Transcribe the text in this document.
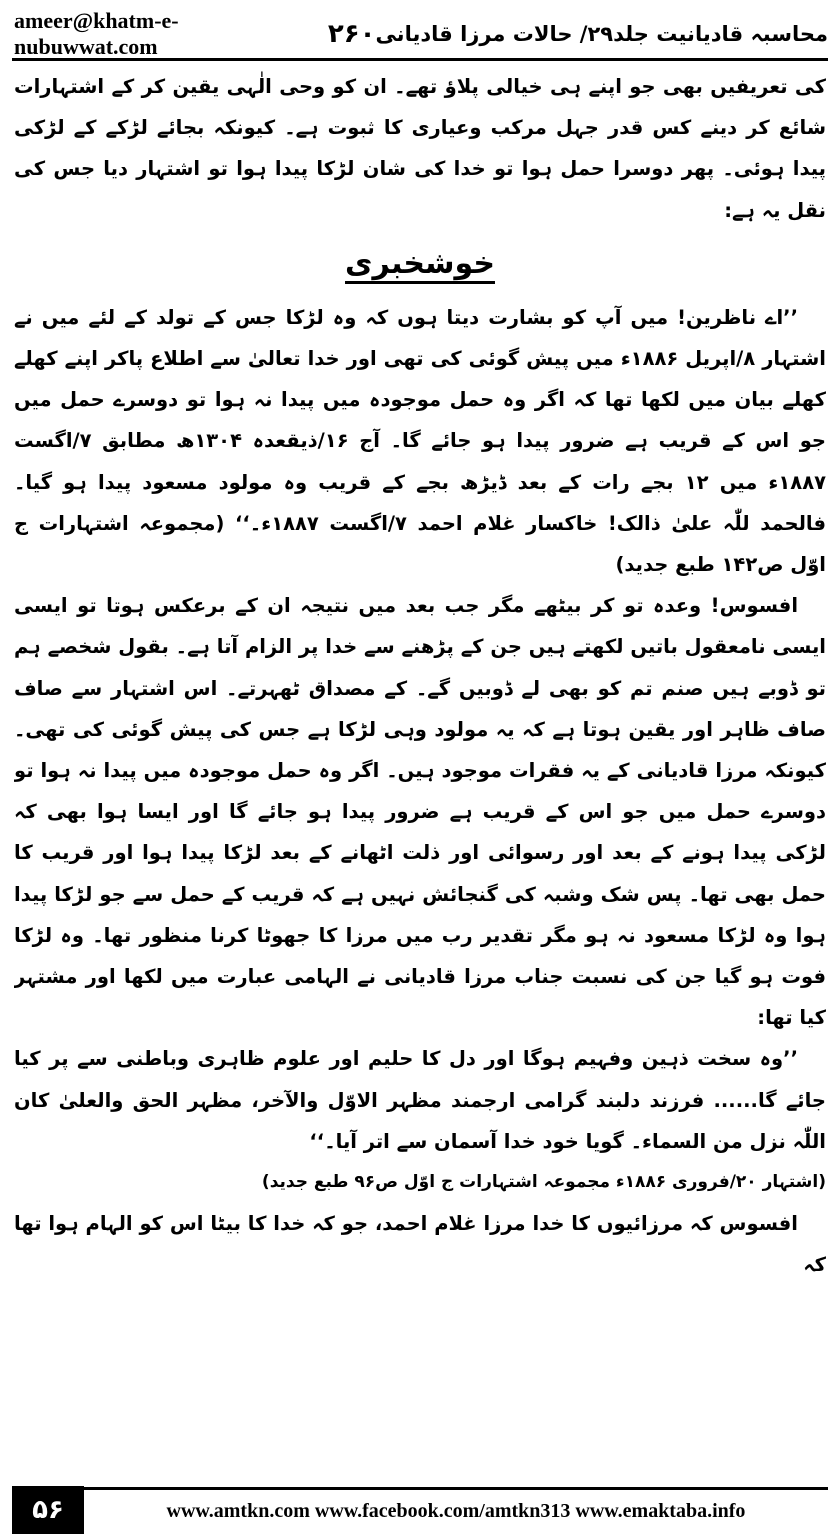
ameer@khatm-e-nubuwwat.com	۲۶۰ محاسبہ قادیانیت جلد۲۹/ حالات مرزا قادیانی

کی تعریفیں بھی جو اپنے ہی خیالی پلاؤ تھے۔ ان کو وحی الٰہی یقین کر کے اشتہارات شائع کر دینے کس قدر جہل مرکب وعیاری کا ثبوت ہے۔ کیونکہ بجائے لڑکے کے لڑکی پیدا ہوئی۔ پھر دوسرا حمل ہوا تو خدا کی شان لڑکا پیدا ہوا تو اشتہار دیا جس کی نقل یہ ہے:

خوشخبری

’’اے ناظرین! میں آپ کو بشارت دیتا ہوں کہ وہ لڑکا جس کے تولد کے لئے میں نے اشتہار ۸/اپریل ۱۸۸۶ء میں پیش گوئی کی تھی اور خدا تعالیٰ سے اطلاع پاکر اپنے کھلے کھلے بیان میں لکھا تھا کہ اگر وہ حمل موجودہ میں پیدا نہ ہوا تو دوسرے حمل میں جو اس کے قریب ہے ضرور پیدا ہو جائے گا۔ آج ۱۶/ذیقعدہ ۱۳۰۴ھ مطابق ۷/اگست ۱۸۸۷ء میں ۱۲ بجے رات کے بعد ڈیڑھ بجے کے قریب وہ مولود مسعود پیدا ہو گیا۔ فالحمد للّٰہ علیٰ ذالک! خاکسار غلام احمد ۷/اگست ۱۸۸۷ء۔‘‘ (مجموعہ اشتہارات ج اوّل ص۱۴۲ طبع جدید)

افسوس! وعدہ تو کر بیٹھے مگر جب بعد میں نتیجہ ان کے برعکس ہوتا تو ایسی ایسی نامعقول باتیں لکھتے ہیں جن کے پڑھنے سے خدا پر الزام آتا ہے۔ بقول شخصے ہم تو ڈوبے ہیں صنم تم کو بھی لے ڈوبیں گے۔ کے مصداق ٹھہرتے۔ اس اشتہار سے صاف صاف ظاہر اور یقین ہوتا ہے کہ یہ مولود وہی لڑکا ہے جس کی پیش گوئی کی تھی۔ کیونکہ مرزا قادیانی کے یہ فقرات موجود ہیں۔ اگر وہ حمل موجودہ میں پیدا نہ ہوا تو دوسرے حمل میں جو اس کے قریب ہے ضرور پیدا ہو جائے گا اور ایسا ہوا بھی کہ لڑکی پیدا ہونے کے بعد اور رسوائی اور ذلت اٹھانے کے بعد لڑکا پیدا ہوا اور قریب کا حمل بھی تھا۔ پس شک وشبہ کی گنجائش نہیں ہے کہ قریب کے حمل سے جو لڑکا پیدا ہوا وہ لڑکا مسعود نہ ہو مگر تقدیر رب میں مرزا کا جھوٹا کرنا منظور تھا۔ وہ لڑکا فوت ہو گیا جن کی نسبت جناب مرزا قادیانی نے الہامی عبارت میں لکھا اور مشتہر کیا تھا:

’’وہ سخت ذہین وفہیم ہوگا اور دل کا حلیم اور علوم ظاہری وباطنی سے پر کیا جائے گا...... فرزند دلبند گرامی ارجمند مظہر الاوّل والآخر، مظہر الحق والعلیٰ کان اللّٰہ نزل من السماء۔ گویا خود خدا آسمان سے اتر آیا۔‘‘

(اشتہار ۲۰/فروری ۱۸۸۶ء مجموعہ اشتہارات ج اوّل ص۹۶ طبع جدید)

افسوس کہ مرزائیوں کا خدا مرزا غلام احمد، جو کہ خدا کا بیٹا اس کو الہام ہوا تھا کہ

۵۶	www.amtkn.com www.facebook.com/amtkn313 www.emaktaba.info
